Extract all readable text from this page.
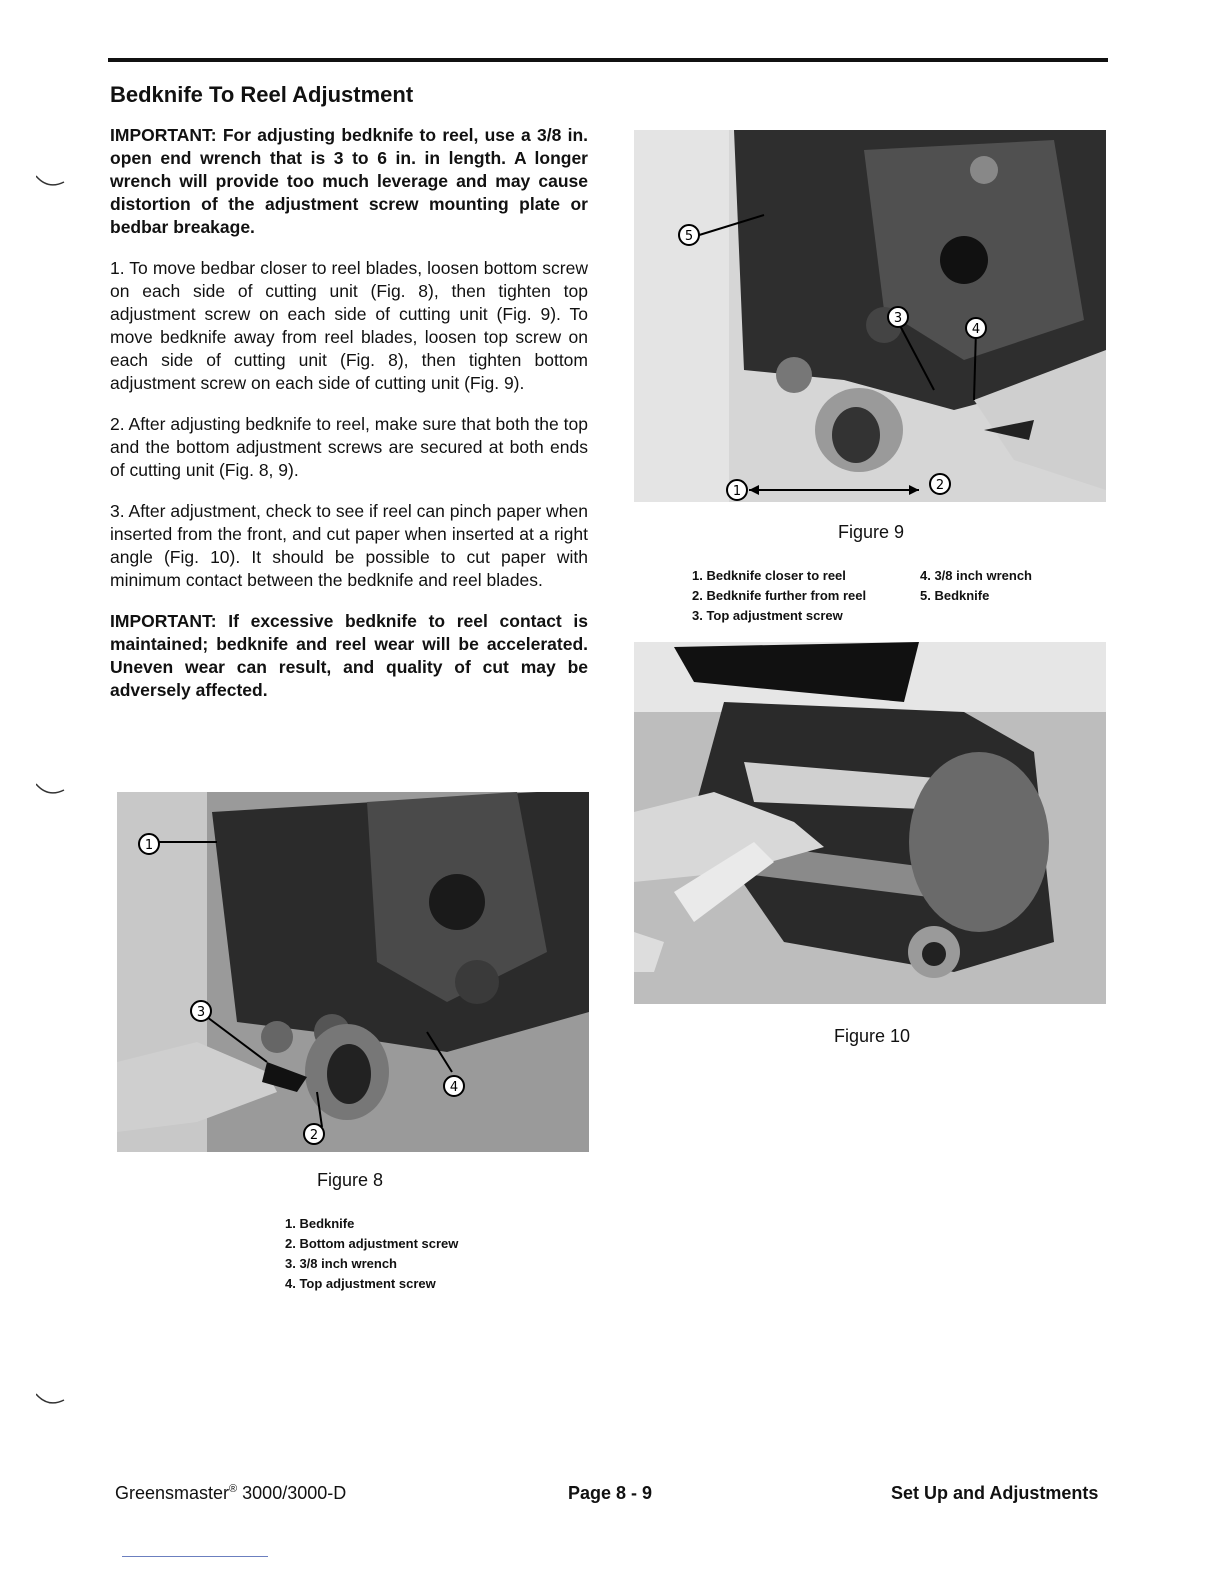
Bedknife To Reel Adjustment

IMPORTANT: For adjusting bedknife to reel, use a 3/8 in. open end wrench that is 3 to 6 in. in length. A longer wrench will provide too much leverage and may cause distortion of the adjustment screw mounting plate or bedbar breakage.

1. To move bedbar closer to reel blades, loosen bottom screw on each side of cutting unit (Fig. 8), then tighten top adjustment screw on each side of cutting unit (Fig. 9). To move bedknife away from reel blades, loosen top screw on each side of cutting unit (Fig. 8), then tighten bottom adjustment screw on each side of cutting unit (Fig. 9).

2. After adjusting bedknife to reel, make sure that both the top and the bottom adjustment screws are secured at both ends of cutting unit (Fig. 8, 9).

3. After adjustment, check to see if reel can pinch paper when inserted from the front, and cut paper when inserted at a right angle (Fig. 10). It should be possible to cut paper with minimum contact between the bedknife and reel blades.

IMPORTANT: If excessive bedknife to reel contact is maintained; bedknife and reel wear will be accelerated. Uneven wear can result, and quality of cut may be adversely affected.

1
2
3
4
Figure 8
1. Bedknife
2. Bottom adjustment screw
3. 3/8 inch wrench
4. Top adjustment screw
1	2
3
4
5
Figure 9
1. Bedknife closer to reel
2. Bedknife further from reel
3. Top adjustment screw
4. 3/8 inch wrench
5. Bedknife
Figure 10
Greensmaster® 3000/3000-D	Page 8 - 9	Set Up and Adjustments
